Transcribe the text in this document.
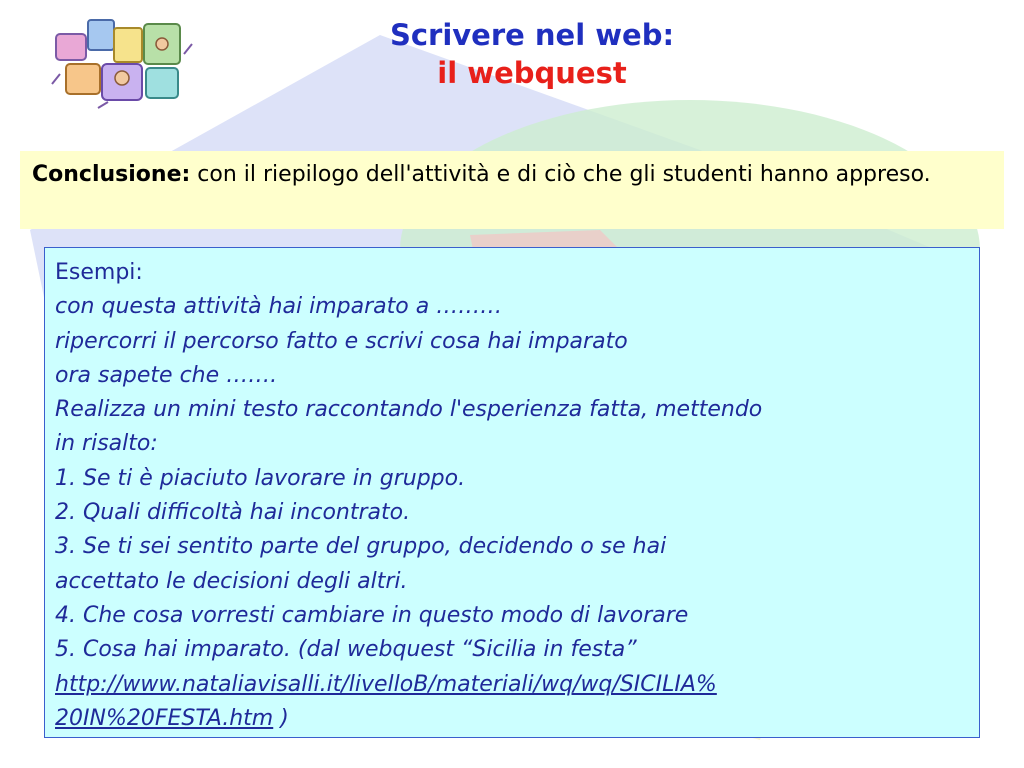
Scrivere nel web:
il webquest
Conclusione: con il riepilogo dell'attività e di ciò che gli studenti hanno appreso.
Esempi:
con questa attività hai imparato a ………
ripercorri il percorso fatto e scrivi cosa hai imparato
ora sapete che …….
Realizza un mini testo raccontando l'esperienza fatta, mettendo
in risalto:
1. Se ti è piaciuto lavorare in gruppo.
2. Quali difficoltà hai incontrato.
3. Se ti sei sentito parte del gruppo, decidendo o se hai
accettato le decisioni degli altri.
4. Che cosa vorresti cambiare in questo modo di lavorare
5. Cosa hai imparato. (dal webquest “Sicilia in festa”
http://www.nataliavisalli.it/livelloB/materiali/wq/wq/SICILIA%
20IN%20FESTA.htm )
